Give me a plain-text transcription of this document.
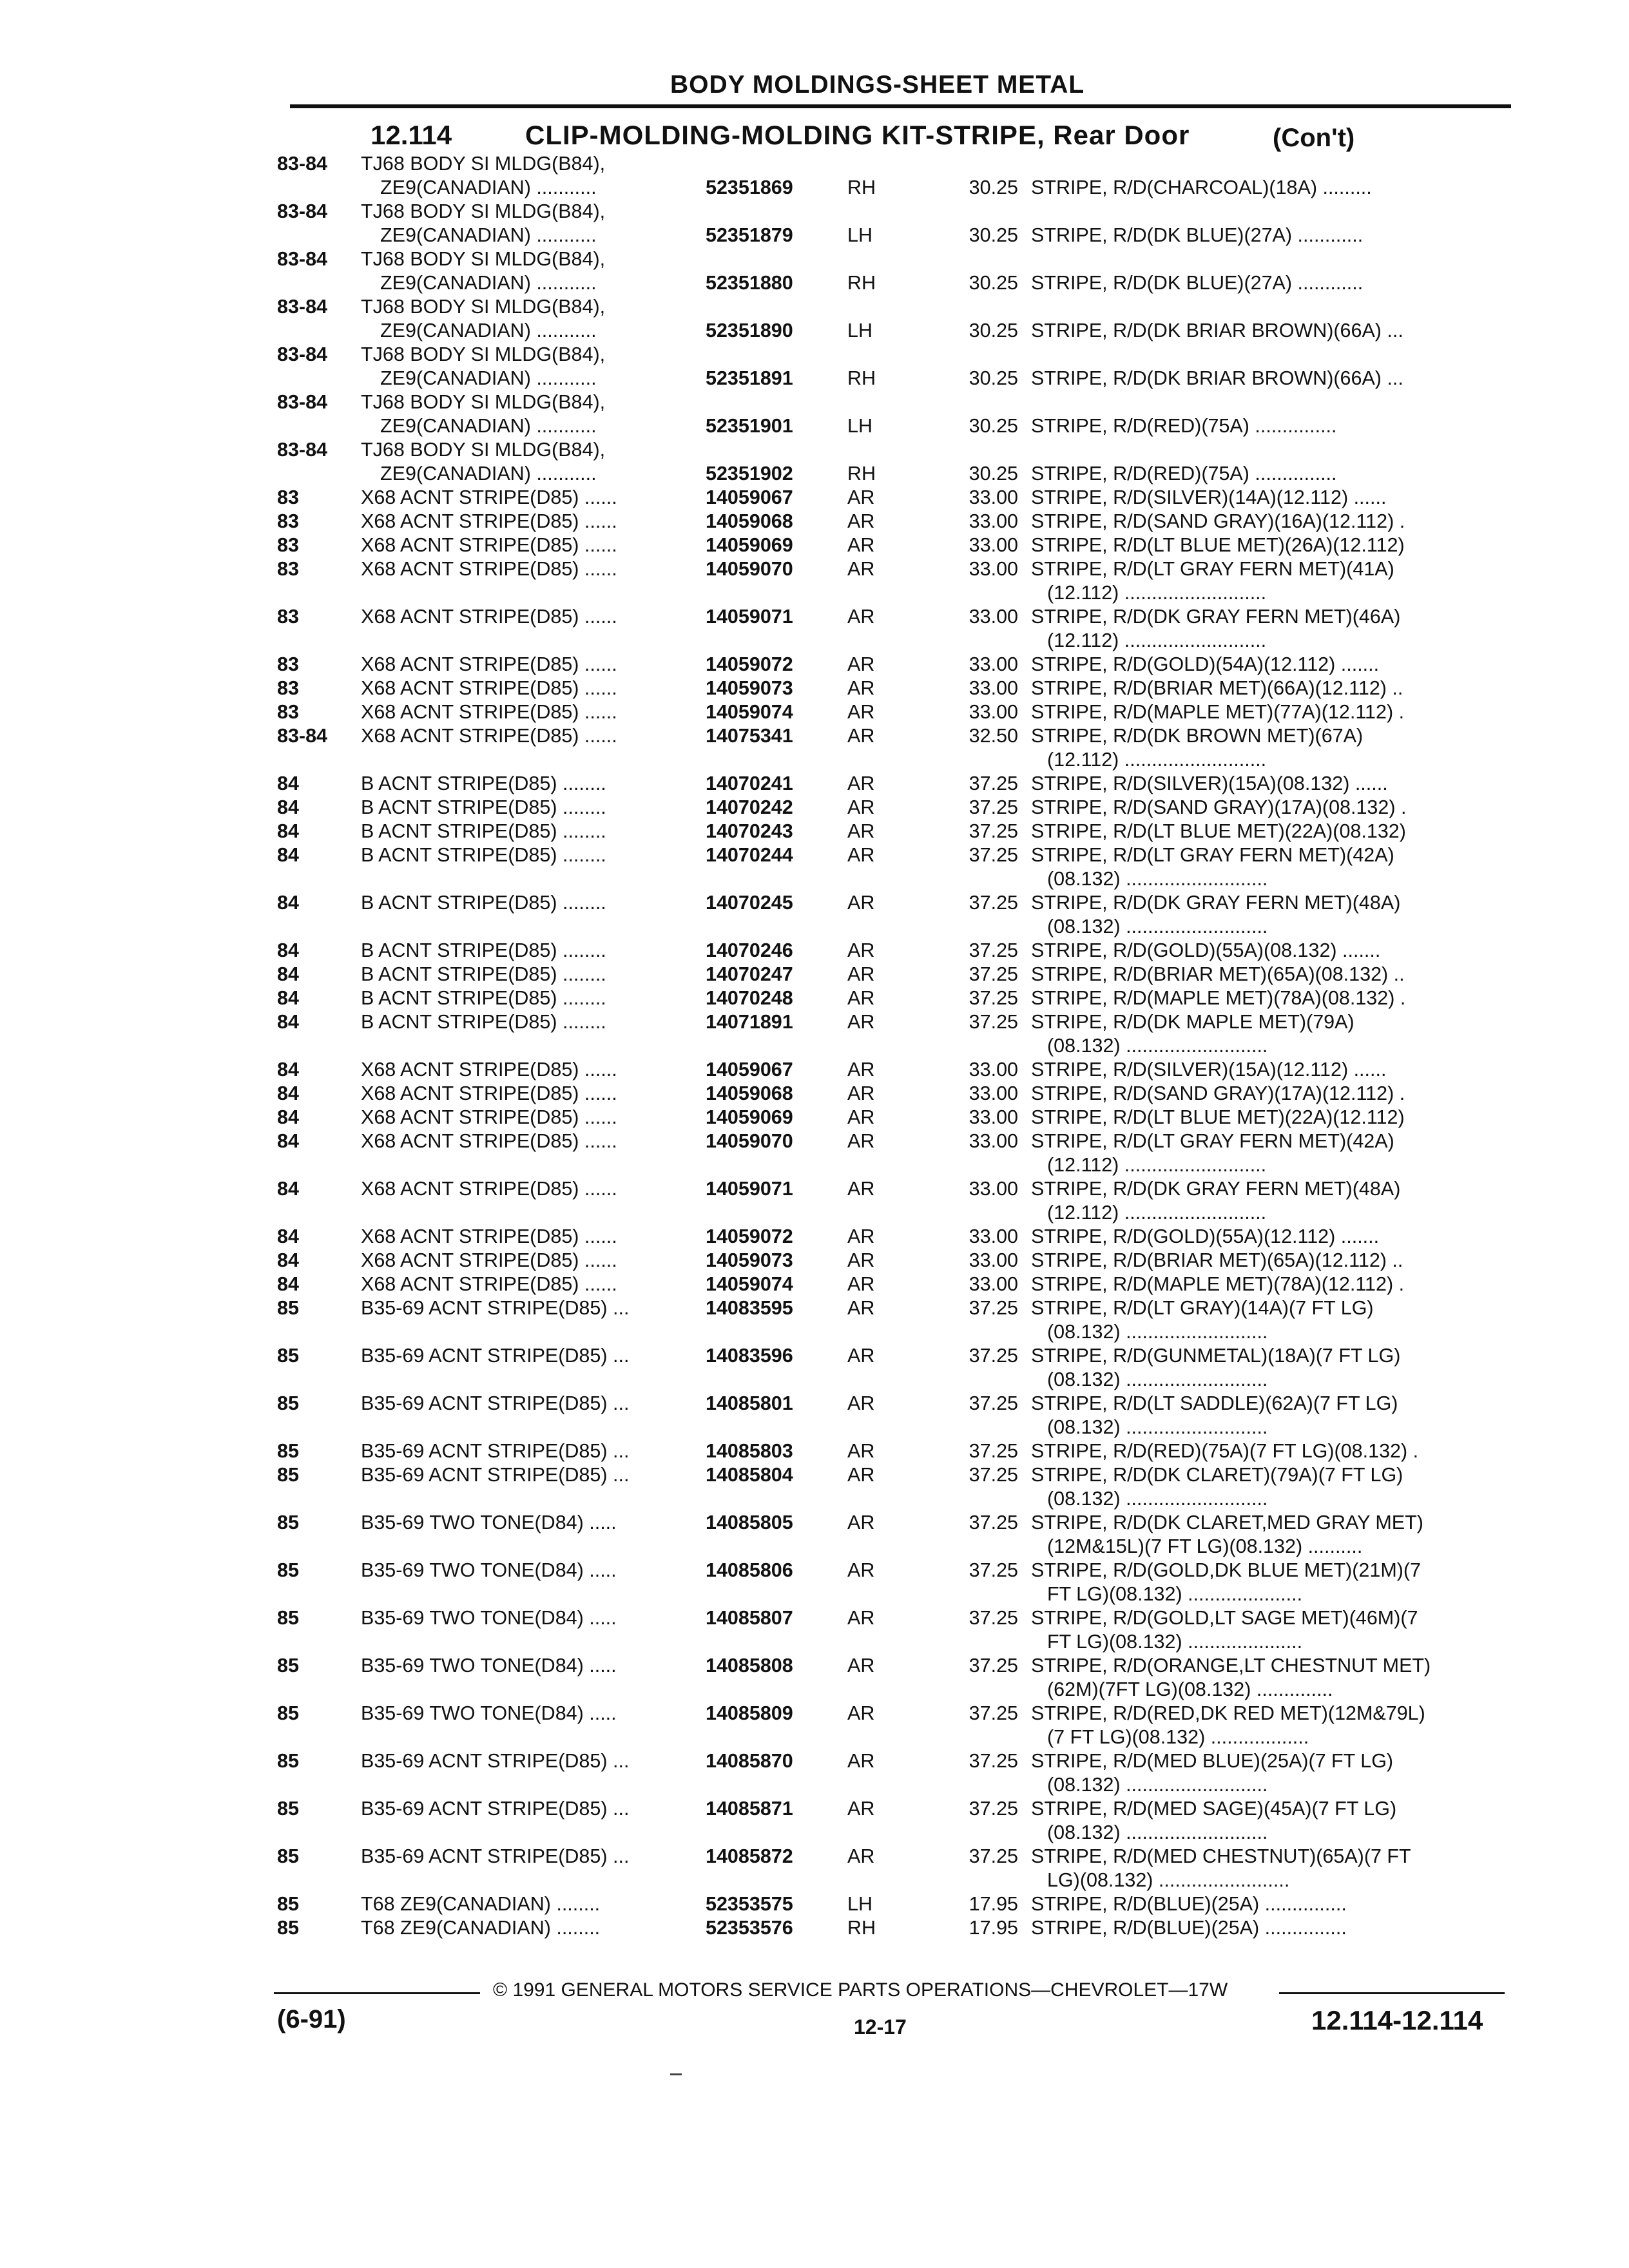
BODY MOLDINGS-SHEET METAL
12.114	CLIP-MOLDING-MOLDING KIT-STRIPE, Rear Door	(Con't)
83-84	TJ68 BODY SI MLDG(B84),
ZE9(CANADIAN) ...........	52351869	RH	30.25 STRIPE, R/D(CHARCOAL)(18A) .........
83-84	TJ68 BODY SI MLDG(B84),
ZE9(CANADIAN) ...........	52351879	LH	30.25 STRIPE, R/D(DK BLUE)(27A) ............
83-84	TJ68 BODY SI MLDG(B84),
ZE9(CANADIAN) ...........	52351880	RH	30.25 STRIPE, R/D(DK BLUE)(27A) ............
83-84	TJ68 BODY SI MLDG(B84),
ZE9(CANADIAN) ...........	52351890	LH	30.25 STRIPE, R/D(DK BRIAR BROWN)(66A) ...
83-84	TJ68 BODY SI MLDG(B84),
ZE9(CANADIAN) ...........	52351891	RH	30.25 STRIPE, R/D(DK BRIAR BROWN)(66A) ...
83-84	TJ68 BODY SI MLDG(B84),
ZE9(CANADIAN) ...........	52351901	LH	30.25 STRIPE, R/D(RED)(75A) ...............
83-84	TJ68 BODY SI MLDG(B84),
ZE9(CANADIAN) ...........	52351902	RH	30.25 STRIPE, R/D(RED)(75A) ...............
83	X68 ACNT STRIPE(D85) ......	14059067	AR	33.00 STRIPE, R/D(SILVER)(14A)(12.112) ......
83	X68 ACNT STRIPE(D85) ......	14059068	AR	33.00 STRIPE, R/D(SAND GRAY)(16A)(12.112) .
83	X68 ACNT STRIPE(D85) ......	14059069	AR	33.00 STRIPE, R/D(LT BLUE MET)(26A)(12.112)
83	X68 ACNT STRIPE(D85) ......	14059070	AR	33.00 STRIPE, R/D(LT GRAY FERN MET)(41A)
(12.112) ..........................
83	X68 ACNT STRIPE(D85) ......	14059071	AR	33.00 STRIPE, R/D(DK GRAY FERN MET)(46A)
(12.112) ..........................
83	X68 ACNT STRIPE(D85) ......	14059072	AR	33.00 STRIPE, R/D(GOLD)(54A)(12.112) .......
83	X68 ACNT STRIPE(D85) ......	14059073	AR	33.00 STRIPE, R/D(BRIAR MET)(66A)(12.112) ..
83	X68 ACNT STRIPE(D85) ......	14059074	AR	33.00 STRIPE, R/D(MAPLE MET)(77A)(12.112) .
83-84	X68 ACNT STRIPE(D85) ......	14075341	AR	32.50 STRIPE, R/D(DK BROWN MET)(67A)
(12.112) ..........................
84	B ACNT STRIPE(D85) ........	14070241	AR	37.25 STRIPE, R/D(SILVER)(15A)(08.132) ......
84	B ACNT STRIPE(D85) ........	14070242	AR	37.25 STRIPE, R/D(SAND GRAY)(17A)(08.132) .
84	B ACNT STRIPE(D85) ........	14070243	AR	37.25 STRIPE, R/D(LT BLUE MET)(22A)(08.132)
84	B ACNT STRIPE(D85) ........	14070244	AR	37.25 STRIPE, R/D(LT GRAY FERN MET)(42A)
(08.132) ..........................
84	B ACNT STRIPE(D85) ........	14070245	AR	37.25 STRIPE, R/D(DK GRAY FERN MET)(48A)
(08.132) ..........................
84	B ACNT STRIPE(D85) ........	14070246	AR	37.25 STRIPE, R/D(GOLD)(55A)(08.132) .......
84	B ACNT STRIPE(D85) ........	14070247	AR	37.25 STRIPE, R/D(BRIAR MET)(65A)(08.132) ..
84	B ACNT STRIPE(D85) ........	14070248	AR	37.25 STRIPE, R/D(MAPLE MET)(78A)(08.132) .
84	B ACNT STRIPE(D85) ........	14071891	AR	37.25 STRIPE, R/D(DK MAPLE MET)(79A)
(08.132) ..........................
84	X68 ACNT STRIPE(D85) ......	14059067	AR	33.00 STRIPE, R/D(SILVER)(15A)(12.112) ......
84	X68 ACNT STRIPE(D85) ......	14059068	AR	33.00 STRIPE, R/D(SAND GRAY)(17A)(12.112) .
84	X68 ACNT STRIPE(D85) ......	14059069	AR	33.00 STRIPE, R/D(LT BLUE MET)(22A)(12.112)
84	X68 ACNT STRIPE(D85) ......	14059070	AR	33.00 STRIPE, R/D(LT GRAY FERN MET)(42A)
(12.112) ..........................
84	X68 ACNT STRIPE(D85) ......	14059071	AR	33.00 STRIPE, R/D(DK GRAY FERN MET)(48A)
(12.112) ..........................
84	X68 ACNT STRIPE(D85) ......	14059072	AR	33.00 STRIPE, R/D(GOLD)(55A)(12.112) .......
84	X68 ACNT STRIPE(D85) ......	14059073	AR	33.00 STRIPE, R/D(BRIAR MET)(65A)(12.112) ..
84	X68 ACNT STRIPE(D85) ......	14059074	AR	33.00 STRIPE, R/D(MAPLE MET)(78A)(12.112) .
85	B35-69 ACNT STRIPE(D85) ...	14083595	AR	37.25 STRIPE, R/D(LT GRAY)(14A)(7 FT LG)
(08.132) ..........................
85	B35-69 ACNT STRIPE(D85) ...	14083596	AR	37.25 STRIPE, R/D(GUNMETAL)(18A)(7 FT LG)
(08.132) ..........................
85	B35-69 ACNT STRIPE(D85) ...	14085801	AR	37.25 STRIPE, R/D(LT SADDLE)(62A)(7 FT LG)
(08.132) ..........................
85	B35-69 ACNT STRIPE(D85) ...	14085803	AR	37.25 STRIPE, R/D(RED)(75A)(7 FT LG)(08.132) .
85	B35-69 ACNT STRIPE(D85) ...	14085804	AR	37.25 STRIPE, R/D(DK CLARET)(79A)(7 FT LG)
(08.132) ..........................
85	B35-69 TWO TONE(D84) .....	14085805	AR	37.25 STRIPE, R/D(DK CLARET,MED GRAY MET)
(12M&15L)(7 FT LG)(08.132) ..........
85	B35-69 TWO TONE(D84) .....	14085806	AR	37.25 STRIPE, R/D(GOLD,DK BLUE MET)(21M)(7
FT LG)(08.132) .....................
85	B35-69 TWO TONE(D84) .....	14085807	AR	37.25 STRIPE, R/D(GOLD,LT SAGE MET)(46M)(7
FT LG)(08.132) .....................
85	B35-69 TWO TONE(D84) .....	14085808	AR	37.25 STRIPE, R/D(ORANGE,LT CHESTNUT MET)
(62M)(7FT LG)(08.132) ..............
85	B35-69 TWO TONE(D84) .....	14085809	AR	37.25 STRIPE, R/D(RED,DK RED MET)(12M&79L)
(7 FT LG)(08.132) ..................
85	B35-69 ACNT STRIPE(D85) ...	14085870	AR	37.25 STRIPE, R/D(MED BLUE)(25A)(7 FT LG)
(08.132) ..........................
85	B35-69 ACNT STRIPE(D85) ...	14085871	AR	37.25 STRIPE, R/D(MED SAGE)(45A)(7 FT LG)
(08.132) ..........................
85	B35-69 ACNT STRIPE(D85) ...	14085872	AR	37.25 STRIPE, R/D(MED CHESTNUT)(65A)(7 FT
LG)(08.132) ........................
85	T68 ZE9(CANADIAN) ........	52353575	LH	17.95 STRIPE, R/D(BLUE)(25A) ...............
85	T68 ZE9(CANADIAN) ........	52353576	RH	17.95 STRIPE, R/D(BLUE)(25A) ...............
© 1991 GENERAL MOTORS SERVICE PARTS OPERATIONS—CHEVROLET—17W
(6-91)	12-17	12.114-12.114
